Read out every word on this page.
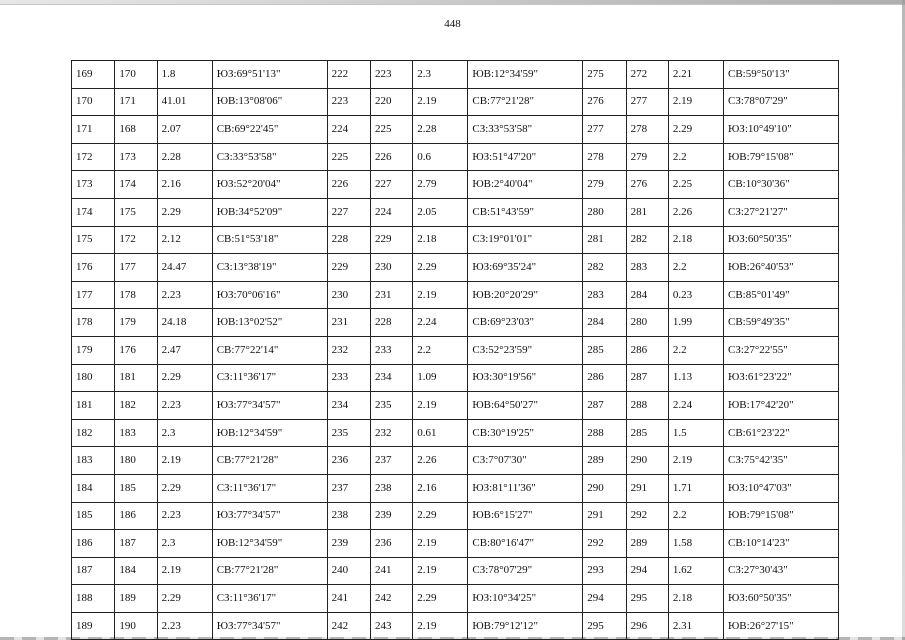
448
169	170	1.8	ЮЗ:69°51'13"	222	223	2.3	ЮВ:12°34'59"	275	272	2.21	СВ:59°50'13"
170	171	41.01	ЮВ:13°08'06"	223	220	2.19	СВ:77°21'28"	276	277	2.19	СЗ:78°07'29"
171	168	2.07	СВ:69°22'45"	224	225	2.28	СЗ:33°53'58"	277	278	2.29	ЮЗ:10°49'10"
172	173	2.28	СЗ:33°53'58"	225	226	0.6	ЮЗ:51°47'20"	278	279	2.2	ЮВ:79°15'08"
173	174	2.16	ЮЗ:52°20'04"	226	227	2.79	ЮВ:2°40'04"	279	276	2.25	СВ:10°30'36"
174	175	2.29	ЮВ:34°52'09"	227	224	2.05	СВ:51°43'59"	280	281	2.26	СЗ:27°21'27"
175	172	2.12	СВ:51°53'18"	228	229	2.18	СЗ:19°01'01"	281	282	2.18	ЮЗ:60°50'35"
176	177	24.47	СЗ:13°38'19"	229	230	2.29	ЮЗ:69°35'24"	282	283	2.2	ЮВ:26°40'53"
177	178	2.23	ЮЗ:70°06'16"	230	231	2.19	ЮВ:20°20'29"	283	284	0.23	СВ:85°01'49"
178	179	24.18	ЮВ:13°02'52"	231	228	2.24	СВ:69°23'03"	284	280	1.99	СВ:59°49'35"
179	176	2.47	СВ:77°22'14"	232	233	2.2	СЗ:52°23'59"	285	286	2.2	СЗ:27°22'55"
180	181	2.29	СЗ:11°36'17"	233	234	1.09	ЮЗ:30°19'56"	286	287	1.13	ЮЗ:61°23'22"
181	182	2.23	ЮЗ:77°34'57"	234	235	2.19	ЮВ:64°50'27"	287	288	2.24	ЮВ:17°42'20"
182	183	2.3	ЮВ:12°34'59"	235	232	0.61	СВ:30°19'25"	288	285	1.5	СВ:61°23'22"
183	180	2.19	СВ:77°21'28"	236	237	2.26	СЗ:7°07'30"	289	290	2.19	СЗ:75°42'35"
184	185	2.29	СЗ:11°36'17"	237	238	2.16	ЮЗ:81°11'36"	290	291	1.71	ЮЗ:10°47'03"
185	186	2.23	ЮЗ:77°34'57"	238	239	2.29	ЮВ:6°15'27"	291	292	2.2	ЮВ:79°15'08"
186	187	2.3	ЮВ:12°34'59"	239	236	2.19	СВ:80°16'47"	292	289	1.58	СВ:10°14'23"
187	184	2.19	СВ:77°21'28"	240	241	2.19	СЗ:78°07'29"	293	294	1.62	СЗ:27°30'43"
188	189	2.29	СЗ:11°36'17"	241	242	2.29	ЮЗ:10°34'25"	294	295	2.18	ЮЗ:60°50'35"
189	190	2.23	ЮЗ:77°34'57"	242	243	2.19	ЮВ:79°12'12"	295	296	2.31	ЮВ:26°27'15"
